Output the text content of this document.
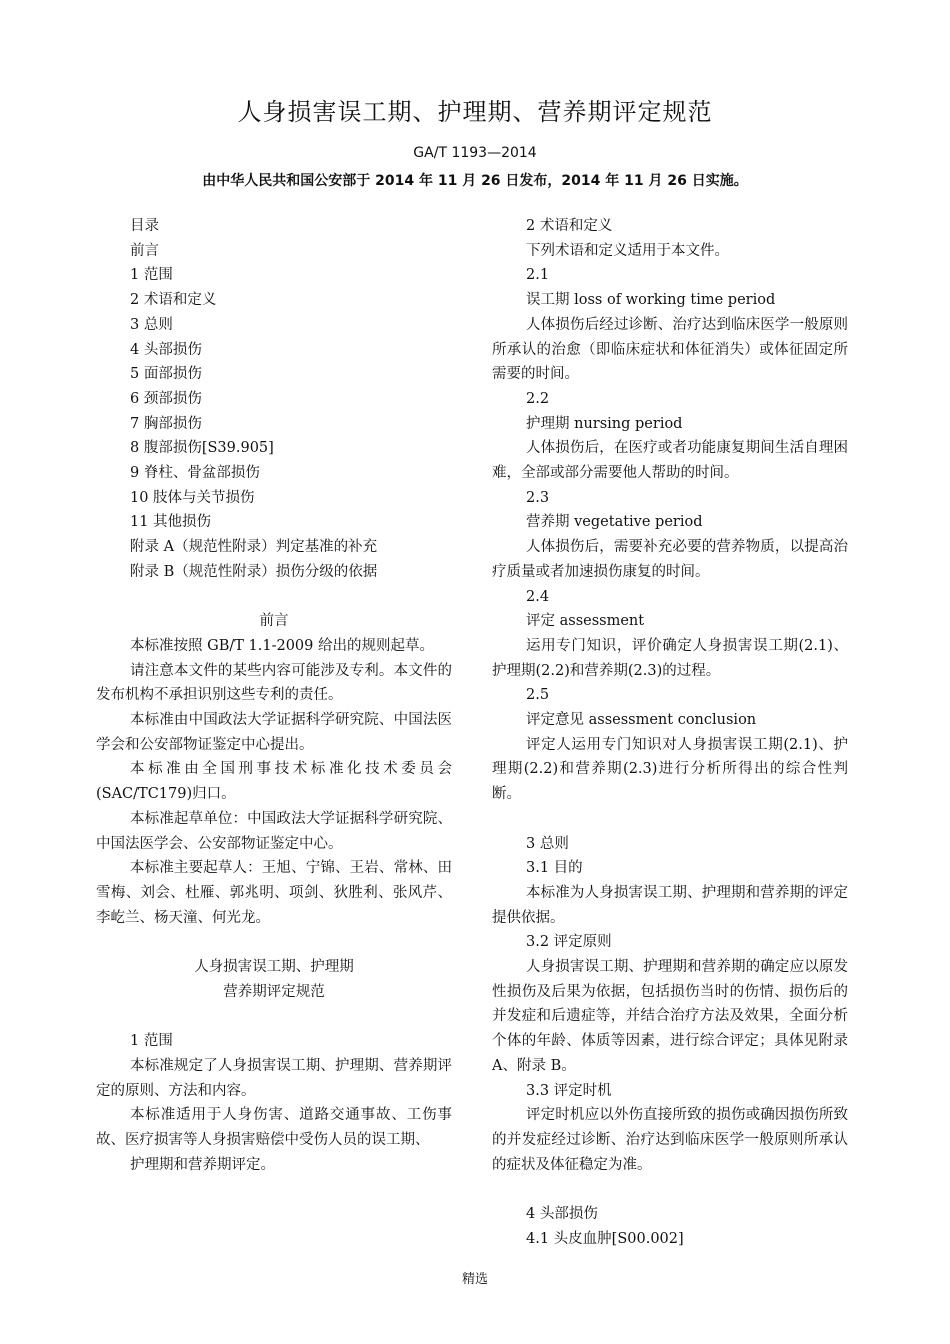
人身损害误工期、护理期、营养期评定规范
GA/T 1193—2014
由中华人民共和国公安部于 2014 年 11 月 26 日发布，2014 年 11 月 26 日实施。
目录
前言
1 范围
2 术语和定义
3 总则
4 头部损伤
5 面部损伤
6 颈部损伤
7 胸部损伤
8 腹部损伤[S39.905]
9 脊柱、骨盆部损伤
10 肢体与关节损伤
11 其他损伤
附录 A（规范性附录）判定基准的补充
附录 B（规范性附录）损伤分级的依据
前言
本标准按照 GB/T 1.1-2009 给出的规则起草。
请注意本文件的某些内容可能涉及专利。本文件的发布机构不承担识别这些专利的责任。
本标准由中国政法大学证据科学研究院、中国法医学会和公安部物证鉴定中心提出。
本标准由全国刑事技术标准化技术委员会(SAC/TC179)归口。
本标准起草单位：中国政法大学证据科学研究院、中国法医学会、公安部物证鉴定中心。
本标准主要起草人：王旭、宁锦、王岩、常林、田雪梅、刘会、杜雁、郭兆明、项剑、狄胜利、张风芹、李屹兰、杨天潼、何光龙。
人身损害误工期、护理期
营养期评定规范
1 范围
本标准规定了人身损害误工期、护理期、营养期评定的原则、方法和内容。
本标准适用于人身伤害、道路交通事故、工伤事故、医疗损害等人身损害赔偿中受伤人员的误工期、
护理期和营养期评定。
2 术语和定义
下列术语和定义适用于本文件。
2.1
误工期 loss of working time period
人体损伤后经过诊断、治疗达到临床医学一般原则所承认的治愈（即临床症状和体征消失）或体征固定所需要的时间。
2.2
护理期 nursing period
人体损伤后，在医疗或者功能康复期间生活自理困难，全部或部分需要他人帮助的时间。
2.3
营养期 vegetative period
人体损伤后，需要补充必要的营养物质，以提高治疗质量或者加速损伤康复的时间。
2.4
评定 assessment
运用专门知识，评价确定人身损害误工期(2.1)、护理期(2.2)和营养期(2.3)的过程。
2.5
评定意见 assessment conclusion
评定人运用专门知识对人身损害误工期(2.1)、护理期(2.2)和营养期(2.3)进行分析所得出的综合性判断。
3 总则
3.1 目的
本标准为人身损害误工期、护理期和营养期的评定提供依据。
3.2 评定原则
人身损害误工期、护理期和营养期的确定应以原发性损伤及后果为依据，包括损伤当时的伤情、损伤后的并发症和后遗症等，并结合治疗方法及效果，全面分析个体的年龄、体质等因素，进行综合评定；具体见附录 A、附录 B。
3.3 评定时机
评定时机应以外伤直接所致的损伤或确因损伤所致的并发症经过诊断、治疗达到临床医学一般原则所承认的症状及体征稳定为准。
4 头部损伤
4.1 头皮血肿[S00.002]
精选
